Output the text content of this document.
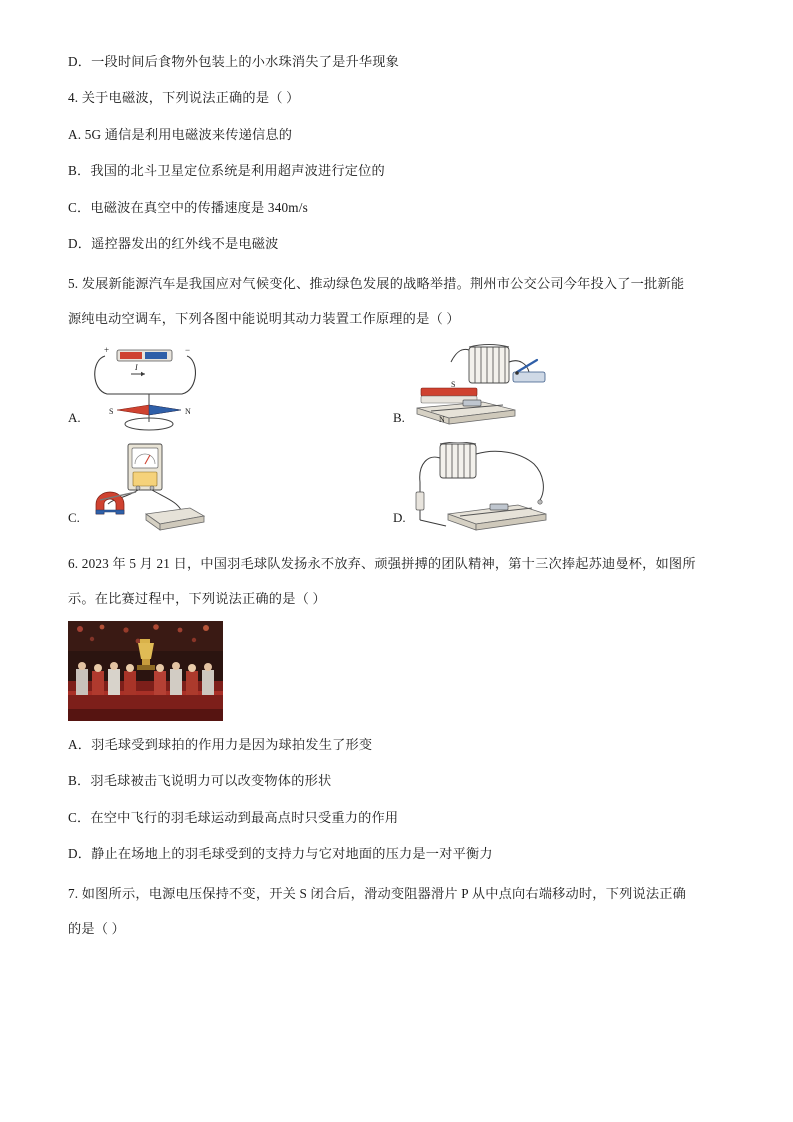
D．一段时间后食物外包装上的小水珠消失了是升华现象

4. 关于电磁波，下列说法正确的是（ ）

A. 5G 通信是利用电磁波来传递信息的

B．我国的北斗卫星定位系统是利用超声波进行定位的

C．电磁波在真空中的传播速度是 340m/s

D．遥控器发出的红外线不是电磁波

5. 发展新能源汽车是我国应对气候变化、推动绿色发展的战略举措。荆州市公交公司今年投入了一批新能

源纯电动空调车，下列各图中能说明其动力装置工作原理的是（ ）

A.
+	−
I
S	N	B.
S
N
C.	D.

6. 2023 年 5 月 21 日，中国羽毛球队发扬永不放弃、顽强拼搏的团队精神，第十三次捧起苏迪曼杯，如图所

示。在比赛过程中，下列说法正确的是（ ）

A．羽毛球受到球拍的作用力是因为球拍发生了形变

B．羽毛球被击飞说明力可以改变物体的形状

C．在空中飞行的羽毛球运动到最高点时只受重力的作用

D．静止在场地上的羽毛球受到的支持力与它对地面的压力是一对平衡力

7. 如图所示，电源电压保持不变，开关 S 闭合后，滑动变阻器滑片 P 从中点向右端移动时，下列说法正确

的是（ ）
